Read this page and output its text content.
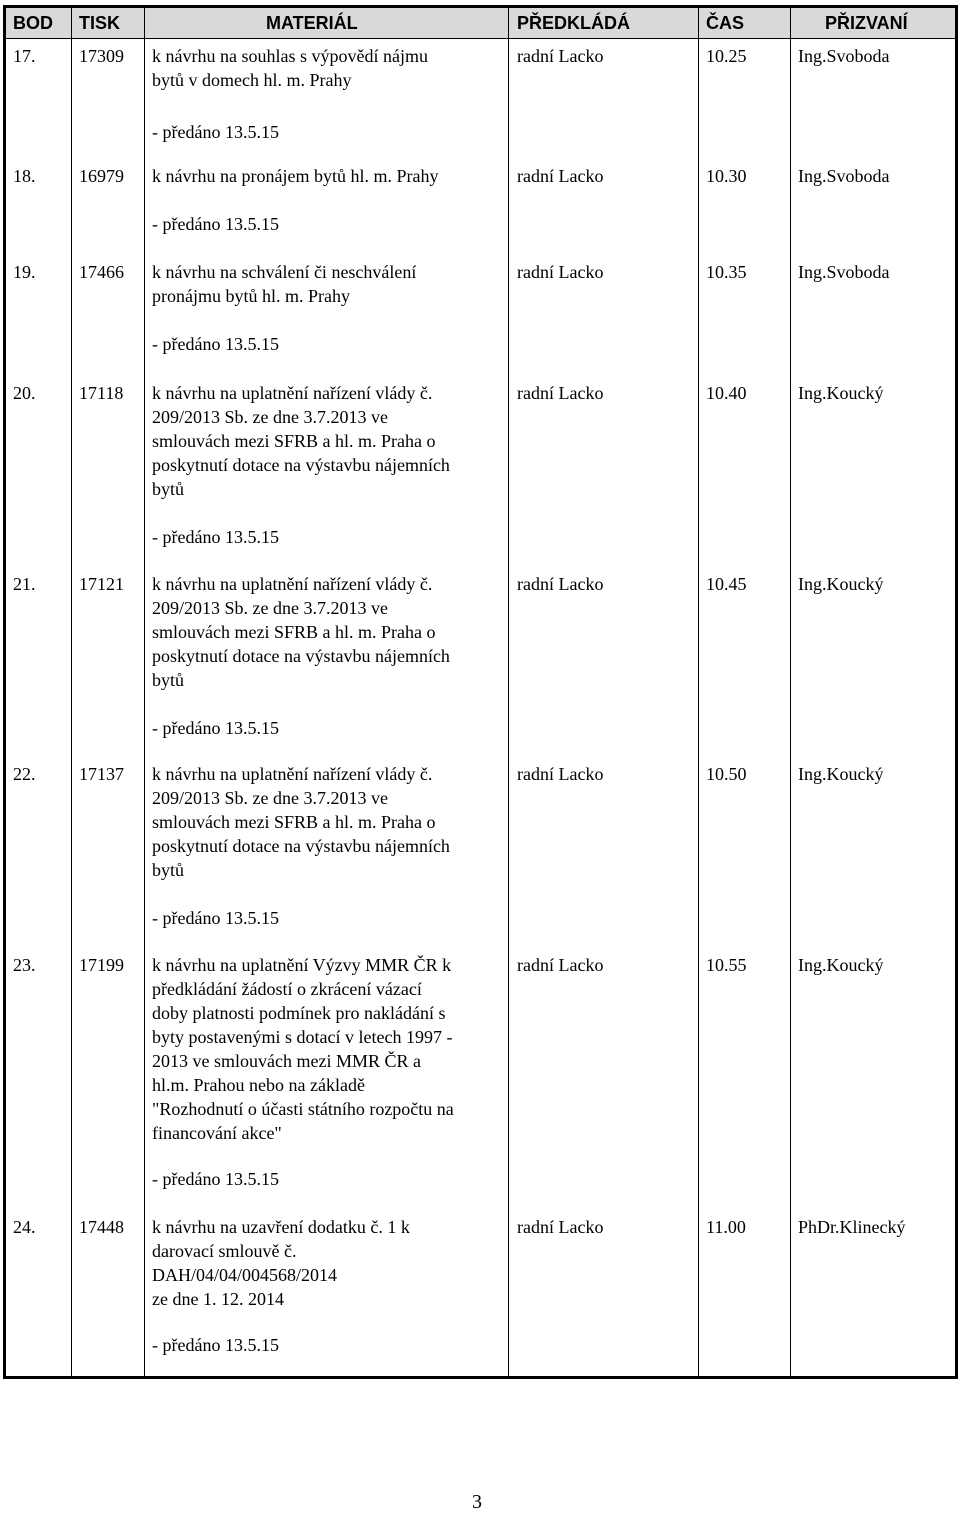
BOD TISK	MATERIÁL	PŘEDKLÁDÁ	ČAS	PŘIZVANÍ
17. 17309 k návrhu na souhlas s výpovědí nájmu
bytů v domech hl. m. Prahy
- předáno 13.5.15
radní Lacko	10.25	Ing.Svoboda
18. 16979 k návrhu na pronájem bytů hl. m. Prahy
- předáno 13.5.15
radní Lacko	10.30	Ing.Svoboda
19. 17466 k návrhu na schválení či neschválení
pronájmu bytů hl. m. Prahy
- předáno 13.5.15
radní Lacko	10.35	Ing.Svoboda
20. 17118 k návrhu na uplatnění nařízení vlády č.
209/2013 Sb. ze dne 3.7.2013 ve
smlouvách mezi SFRB a hl. m. Praha o
poskytnutí dotace na výstavbu nájemních
bytů
- předáno 13.5.15
radní Lacko	10.40	Ing.Koucký
21. 17121 k návrhu na uplatnění nařízení vlády č.
209/2013 Sb. ze dne 3.7.2013 ve
smlouvách mezi SFRB a hl. m. Praha o
poskytnutí dotace na výstavbu nájemních
bytů
- předáno 13.5.15
radní Lacko	10.45	Ing.Koucký
22. 17137 k návrhu na uplatnění nařízení vlády č.
209/2013 Sb. ze dne 3.7.2013 ve
smlouvách mezi SFRB a hl. m. Praha o
poskytnutí dotace na výstavbu nájemních
bytů
- předáno 13.5.15
radní Lacko	10.50	Ing.Koucký
23. 17199 k návrhu na uplatnění Výzvy MMR ČR k
předkládání žádostí o zkrácení vázací
doby platnosti podmínek pro nakládání s
byty postavenými s dotací v letech 1997 -
2013 ve smlouvách mezi MMR ČR a
hl.m. Prahou nebo na základě
"Rozhodnutí o účasti státního rozpočtu na
financování akce"
- předáno 13.5.15
radní Lacko	10.55	Ing.Koucký
24. 17448 k návrhu na uzavření dodatku č. 1 k
darovací smlouvě č.
DAH/04/04/004568/2014
ze dne 1. 12. 2014
- předáno 13.5.15
radní Lacko	11.00	PhDr.Klinecký
3
